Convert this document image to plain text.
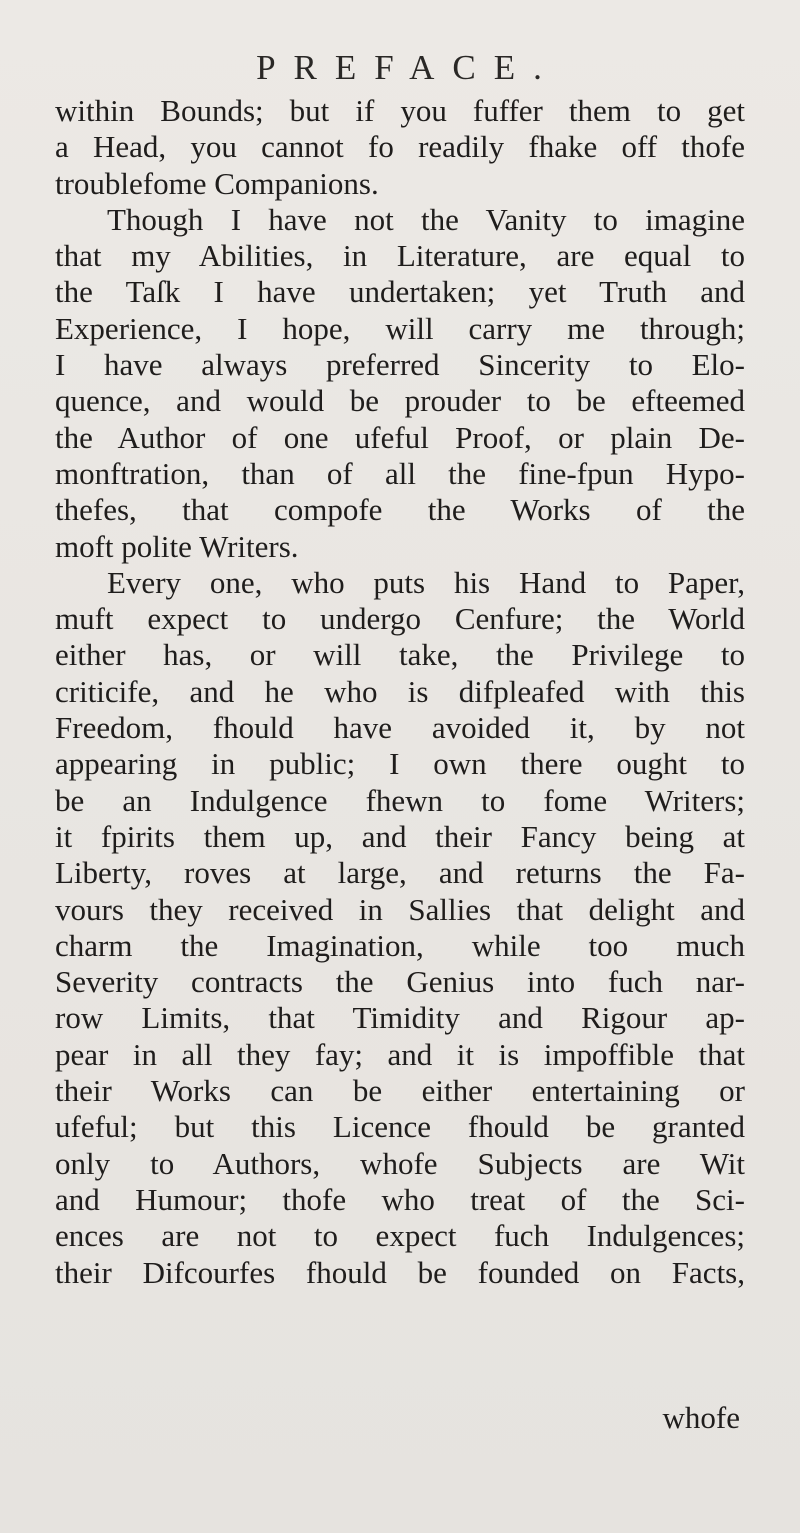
PREFACE.
within Bounds; but if you fuffer them to get
a Head, you cannot fo readily fhake off thofe
troublefome Companions.
Though I have not the Vanity to imagine
that my Abilities, in Literature, are equal to
the Taſk I have undertaken; yet Truth and
Experience, I hope, will carry me through;
I have always preferred Sincerity to Elo-
quence, and would be prouder to be efteemed
the Author of one ufeful Proof, or plain De-
monftration, than of all the fine-fpun Hypo-
thefes, that compofe the Works of the
moft polite Writers.
Every one, who puts his Hand to Paper,
muft expect to undergo Cenfure; the World
either has, or will take, the Privilege to
criticife, and he who is difpleafed with this
Freedom, fhould have avoided it, by not
appearing in public; I own there ought to
be an Indulgence fhewn to fome Writers;
it fpirits them up, and their Fancy being at
Liberty, roves at large, and returns the Fa-
vours they received in Sallies that delight and
charm the Imagination, while too much
Severity contracts the Genius into fuch nar-
row Limits, that Timidity and Rigour ap-
pear in all they fay; and it is impoffible that
their Works can be either entertaining or
ufeful; but this Licence fhould be granted
only to Authors, whofe Subjects are Wit
and Humour; thofe who treat of the Sci-
ences are not to expect fuch Indulgences;
their Difcourfes fhould be founded on Facts,
whofe
